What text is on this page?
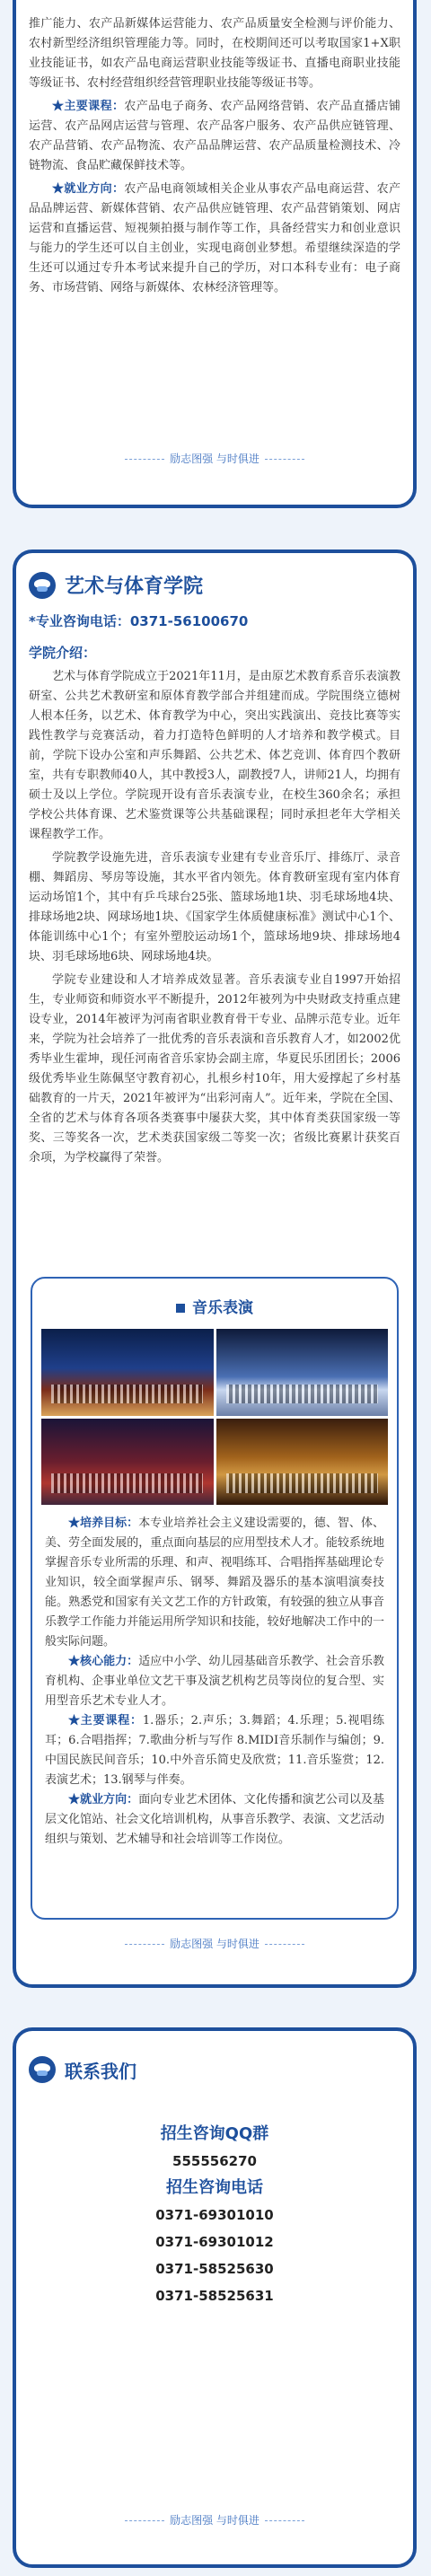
推广能力、农产品新媒体运营能力、农产品质量安全检测与评价能力、农村新型经济组织管理能力等。同时，在校期间还可以考取国家1+X职业技能证书，如农产品电商运营职业技能等级证书、直播电商职业技能等级证书、农村经营组织经营管理职业技能等级证书等。

★主要课程：农产品电子商务、农产品网络营销、农产品直播店铺运营、农产品网店运营与管理、农产品客户服务、农产品供应链管理、农产品营销、农产品物流、农产品品牌运营、农产品质量检测技术、冷链物流、食品贮藏保鲜技术等。

★就业方向：农产品电商领域相关企业从事农产品电商运营、农产品品牌运营、新媒体营销、农产品供应链管理、农产品营销策划、网店运营和直播运营、短视频拍摄与制作等工作，具备经营实力和创业意识与能力的学生还可以自主创业，实现电商创业梦想。希望继续深造的学生还可以通过专升本考试来提升自己的学历，对口本科专业有：电子商务、市场营销、网络与新媒体、农林经济管理等。

励志图强 与时俱进
艺术与体育学院
*专业咨询电话：0371-56100670
学院介绍：

艺术与体育学院成立于2021年11月，是由原艺术教育系音乐表演教研室、公共艺术教研室和原体育教学部合并组建而成。学院围绕立德树人根本任务，以艺术、体育教学为中心，突出实践演出、竞技比赛等实践性教学与竞赛活动，着力打造特色鲜明的人才培养和教学模式。目前，学院下设办公室和声乐舞蹈、公共艺术、体艺竞训、体育四个教研室，共有专职教师40人，其中教授3人，副教授7人，讲师21人，均拥有硕士及以上学位。学院现开设有音乐表演专业，在校生360余名；承担学校公共体育课、艺术鉴赏课等公共基础课程；同时承担老年大学相关课程教学工作。

学院教学设施先进，音乐表演专业建有专业音乐厅、排练厅、录音棚、舞蹈房、琴房等设施，其水平省内领先。体育教研室现有室内体育运动场馆1个，其中有乒乓球台25张、篮球场地1块、羽毛球场地4块、排球场地2块、网球场地1块、《国家学生体质健康标准》测试中心1个、体能训练中心1个；有室外塑胶运动场1个，篮球场地9块、排球场地4块、羽毛球场地6块、网球场地4块。

学院专业建设和人才培养成效显著。音乐表演专业自1997开始招生，专业师资和师资水平不断提升，2012年被列为中央财政支持重点建设专业，2014年被评为河南省职业教育骨干专业、品牌示范专业。近年来，学院为社会培养了一批优秀的音乐表演和音乐教育人才，如2002优秀毕业生霍坤，现任河南省音乐家协会副主席，华夏民乐团团长；2006级优秀毕业生陈佩坚守教育初心，扎根乡村10年，用大爱撑起了乡村基础教育的一片天，2021年被评为“出彩河南人”。近年来，学院在全国、全省的艺术与体育各项各类赛事中屡获大奖，其中体育类获国家级一等奖、三等奖各一次，艺术类获国家级二等奖一次；省级比赛累计获奖百余项，为学校赢得了荣誉。

音乐表演

★培养目标：本专业培养社会主义建设需要的，德、智、体、美、劳全面发展的，重点面向基层的应用型技术人才。能较系统地掌握音乐专业所需的乐理、和声、视唱练耳、合唱指挥基础理论专业知识，较全面掌握声乐、钢琴、舞蹈及器乐的基本演唱演奏技能。熟悉党和国家有关文艺工作的方针政策，有较强的独立从事音乐教学工作能力并能运用所学知识和技能，较好地解决工作中的一般实际问题。

★核心能力：适应中小学、幼儿园基础音乐教学、社会音乐教育机构、企事业单位文艺干事及演艺机构艺员等岗位的复合型、实用型音乐艺术专业人才。

★主要课程：1.器乐；2.声乐；3.舞蹈；4.乐理；5.视唱练耳；6.合唱指挥；7.歌曲分析与写作 8.MIDI音乐制作与编创；9.中国民族民间音乐；10.中外音乐简史及欣赏；11.音乐鉴赏；12.表演艺术；13.钢琴与伴奏。

★就业方向：面向专业艺术团体、文化传播和演艺公司以及基层文化馆站、社会文化培训机构，从事音乐教学、表演、文艺活动组织与策划、艺术辅导和社会培训等工作岗位。

励志图强 与时俱进
联系我们
招生咨询QQ群
555556270
招生咨询电话
0371-69301010
0371-69301012
0371-58525630
0371-58525631
励志图强 与时俱进
